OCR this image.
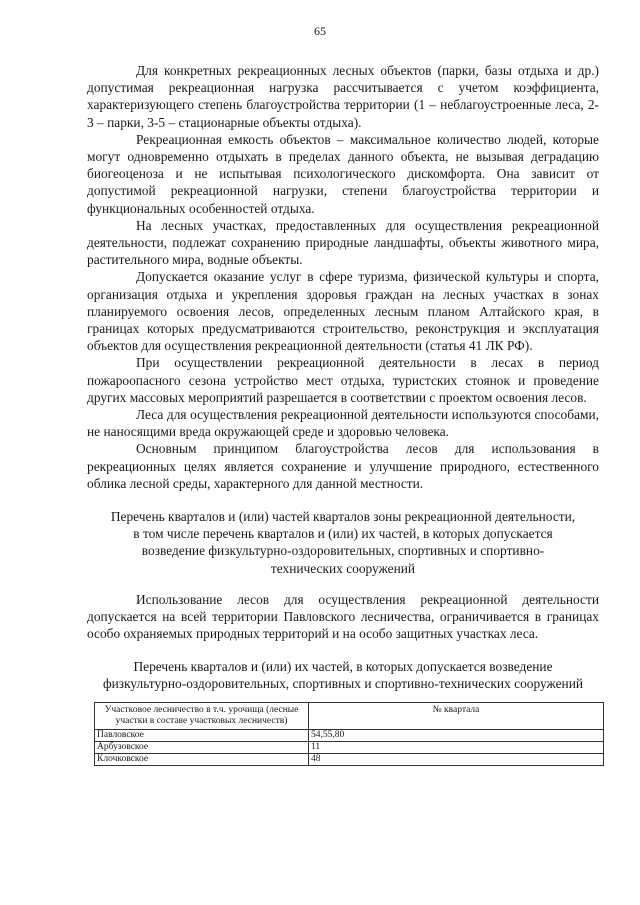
65

Для конкретных рекреационных лесных объектов (парки, базы отдыха и др.) допустимая рекреационная нагрузка рассчитывается с учетом коэффициента, характеризующего степень благоустройства территории (1 – неблагоустроенные леса, 2-3 – парки, 3-5 – стационарные объекты отдыха).

Рекреационная емкость объектов – максимальное количество людей, которые могут одновременно отдыхать в пределах данного объекта, не вызывая деградацию биогеоценоза и не испытывая психологического дискомфорта. Она зависит от допустимой рекреационной нагрузки, степени благоустройства территории и функциональных особенностей отдыха.

На лесных участках, предоставленных для осуществления рекреационной деятельности, подлежат сохранению природные ландшафты, объекты животного мира, растительного мира, водные объекты.

Допускается оказание услуг в сфере туризма, физической культуры и спорта, организация отдыха и укрепления здоровья граждан на лесных участках в зонах планируемого освоения лесов, определенных лесным планом Алтайского края, в границах которых предусматриваются строительство, реконструкция и эксплуатация объектов для осуществления рекреационной деятельности (статья 41 ЛК РФ).

При осуществлении рекреационной деятельности в лесах в период пожароопасного сезона устройство мест отдыха, туристских стоянок и проведение других массовых мероприятий разрешается в соответствии с проектом освоения лесов.

Леса для осуществления рекреационной деятельности используются способами, не наносящими вреда окружающей среде и здоровью человека.

Основным принципом благоустройства лесов для использования в рекреационных целях является сохранение и улучшение природного, естественного облика лесной среды, характерного для данной местности.

Перечень кварталов и (или) частей кварталов зоны рекреационной деятельности, в том числе перечень кварталов и (или) их частей, в которых допускается возведение физкультурно-оздоровительных, спортивных и спортивно-технических сооружений

Использование лесов для осуществления рекреационной деятельности допускается на всей территории Павловского лесничества, ограничивается в границах особо охраняемых природных территорий и на особо защитных участках леса.

Перечень кварталов и (или) их частей, в которых допускается возведение физкультурно-оздоровительных, спортивных и спортивно-технических сооружений

Участковое лесничество в т.ч. урочища (лесные участки в составе участковых лесничеств)	№ квартала
Павловское	54,55,80
Арбузовское	11
Клочковское	48
